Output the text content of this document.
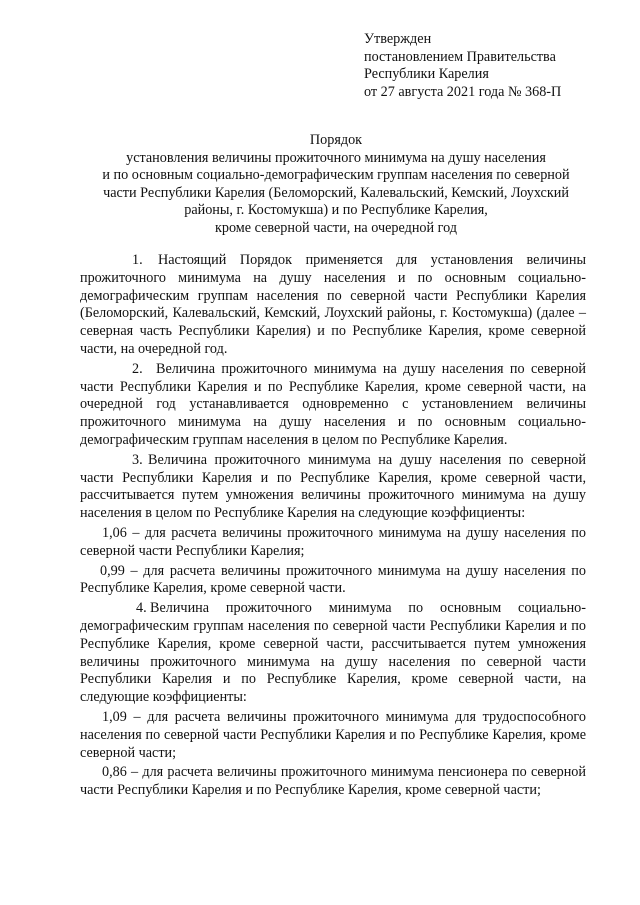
Утвержден
постановлением Правительства
Республики Карелия
от 27 августа 2021 года № 368-П
Порядок
установления величины прожиточного минимума на душу населения
и по основным социально-демографическим группам населения по северной
части Республики Карелия (Беломорский, Калевальский, Кемский, Лоухский
районы, г. Костомукша) и по Республике Карелия,
кроме северной части, на очередной год

1. Настоящий Порядок применяется для установления величины прожиточного минимума на душу населения и по основным социально-демографическим группам населения по северной части Республики Карелия (Беломорский, Калевальский, Кемский, Лоухский районы, г. Костомукша) (далее – северная часть Республики Карелия) и по Республике Карелия, кроме северной части, на очередной год.

2. Величина прожиточного минимума на душу населения по северной части Республики Карелия и по Республике Карелия, кроме северной части, на очередной год устанавливается одновременно с установлением величины прожиточного минимума на душу населения и по основным социально-демографическим группам населения в целом по Республике Карелия.

3. Величина прожиточного минимума на душу населения по северной части Республики Карелия и по Республике Карелия, кроме северной части, рассчитывается путем умножения величины прожиточного минимума на душу населения в целом по Республике Карелия на следующие коэффициенты:

1,06 – для расчета величины прожиточного минимума на душу населения по северной части Республики Карелия;

0,99 – для расчета величины прожиточного минимума на душу населения по Республике Карелия, кроме северной части.

4. Величина прожиточного минимума по основным социально-демографическим группам населения по северной части Республики Карелия и по Республике Карелия, кроме северной части, рассчитывается путем умножения величины прожиточного минимума на душу населения по северной части Республики Карелия и по Республике Карелия, кроме северной части, на следующие коэффициенты:

1,09 – для расчета величины прожиточного минимума для трудоспособного населения по северной части Республики Карелия и по Республике Карелия, кроме северной части;

0,86 – для расчета величины прожиточного минимума пенсионера по северной части Республики Карелия и по Республике Карелия, кроме северной части;
